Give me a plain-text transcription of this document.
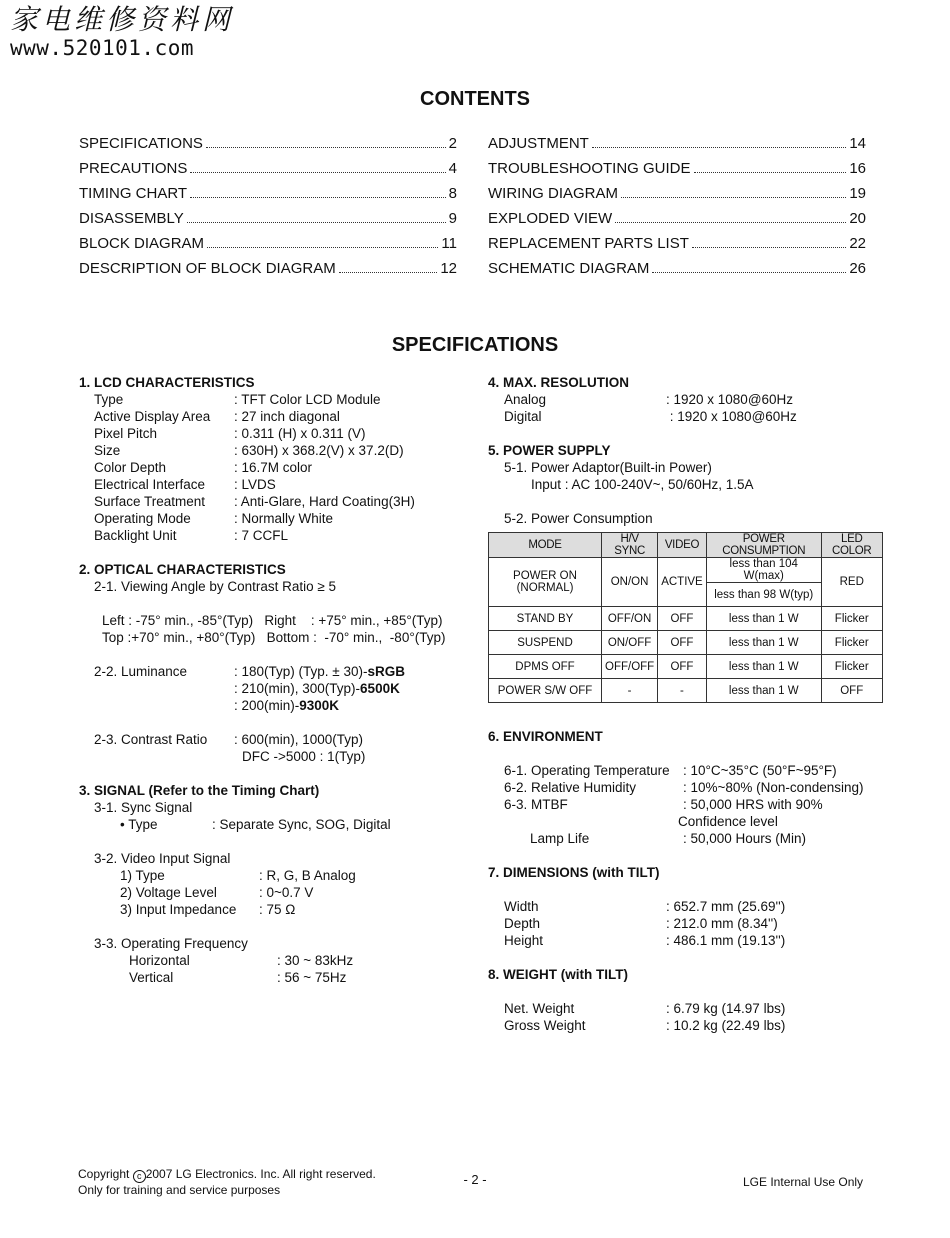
家电维修资料网
www.520101.com
CONTENTS
SPECIFICATIONS	2
PRECAUTIONS	4
TIMING CHART	8
DISASSEMBLY	9
BLOCK DIAGRAM	11
DESCRIPTION OF BLOCK DIAGRAM	12
ADJUSTMENT	14
TROUBLESHOOTING GUIDE	16
WIRING DIAGRAM	19
EXPLODED VIEW	20
REPLACEMENT PARTS LIST	22
SCHEMATIC DIAGRAM	26
SPECIFICATIONS
1. LCD CHARACTERISTICS
Type	: TFT Color LCD Module
Active Display Area	: 27 inch diagonal
Pixel Pitch	: 0.311 (H) x 0.311 (V)
Size	: 630H) x 368.2(V) x 37.2(D)
Color Depth	: 16.7M color
Electrical Interface	: LVDS
Surface Treatment	: Anti-Glare, Hard Coating(3H)
Operating Mode	: Normally White
Backlight Unit	: 7 CCFL
2. OPTICAL CHARACTERISTICS
2-1. Viewing Angle by Contrast Ratio ≥ 5
Left : -75° min., -85°(Typ)   Right    : +75° min., +85°(Typ)
Top :+70° min., +80°(Typ)   Bottom :  -70° min.,  -80°(Typ)
2-2. Luminance	: 180(Typ) (Typ. ± 30)-sRGB
: 210(min), 300(Typ)-6500K
: 200(min)-9300K
2-3. Contrast Ratio	: 600(min), 1000(Typ)
DFC ->5000 : 1(Typ)
3. SIGNAL (Refer to the Timing Chart)
3-1. Sync Signal
• Type	: Separate Sync, SOG, Digital
3-2. Video Input Signal
1) Type	: R, G, B Analog
2) Voltage Level	: 0~0.7 V
3) Input Impedance	: 75 Ω
3-3. Operating Frequency
Horizontal	: 30 ~ 83kHz
Vertical	: 56 ~ 75Hz
4. MAX. RESOLUTION
Analog	: 1920 x 1080@60Hz
Digital	: 1920 x 1080@60Hz
5. POWER SUPPLY
5-1. Power Adaptor(Built-in Power)
Input : AC 100-240V~, 50/60Hz, 1.5A
5-2. Power Consumption
MODE	H/V SYNC	VIDEO	POWER CONSUMPTION	LED COLOR
POWER ON (NORMAL)	ON/ON	ACTIVE	less than 104 W(max)	RED
			less than 98 W(typ)	
STAND BY	OFF/ON	OFF	less than 1 W	Flicker
SUSPEND	ON/OFF	OFF	less than 1 W	Flicker
DPMS OFF	OFF/OFF	OFF	less than 1 W	Flicker
POWER S/W OFF	-	-	less than 1 W	OFF
6. ENVIRONMENT
6-1. Operating Temperature : 10°C~35°C (50°F~95°F)
6-2. Relative Humidity	: 10%~80% (Non-condensing)
6-3. MTBF	: 50,000 HRS with 90%
Confidence level
Lamp Life	: 50,000 Hours (Min)
7. DIMENSIONS (with TILT)
Width	: 652.7 mm (25.69'')
Depth	: 212.0 mm (8.34'')
Height	: 486.1 mm (19.13'')
8. WEIGHT (with TILT)
Net. Weight	: 6.79 kg (14.97 lbs)
Gross Weight	: 10.2 kg (22.49 lbs)
Copyright c 2007 LG Electronics. Inc. All right reserved.
Only for training and service purposes
- 2 -	LGE Internal Use Only
